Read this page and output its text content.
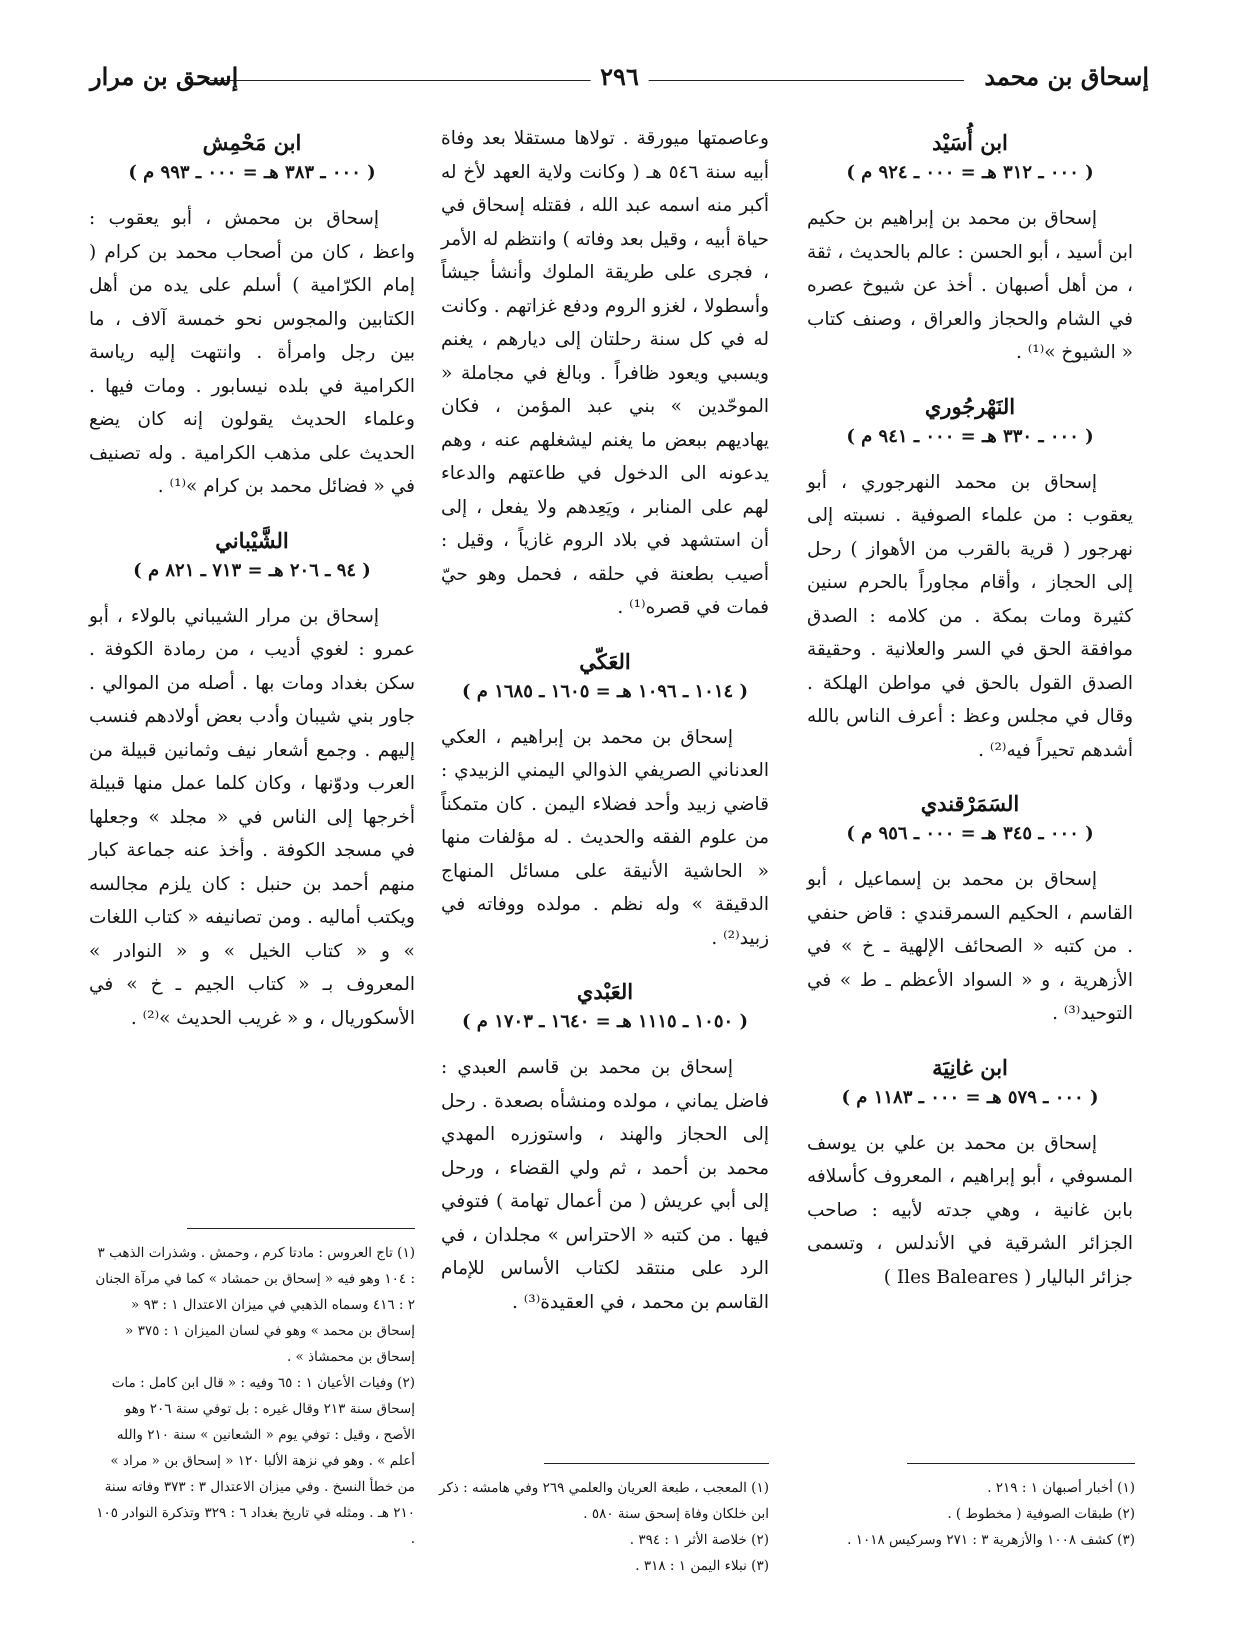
إسحاق بن محمد
٢٩٦
إسحق بن مرار
ابن أُسَيْد
( ٠٠٠ ـ ٣١٢ هـ = ٠٠٠ ـ ٩٢٤ م )
إسحاق بن محمد بن إبراهيم بن حكيم ابن أسيد ، أبو الحسن : عالم بالحديث ، ثقة ، من أهل أصبهان . أخذ عن شيوخ عصره في الشام والحجاز والعراق ، وصنف كتاب « الشيوخ »⁽¹⁾ .
النَهْرجُوري
( ٠٠٠ ـ ٣٣٠ هـ = ٠٠٠ ـ ٩٤١ م )
إسحاق بن محمد النهرجوري ، أبو يعقوب : من علماء الصوفية . نسبته إلى نهرجور ( قرية بالقرب من الأهواز ) رحل إلى الحجاز ، وأقام مجاوراً بالحرم سنين كثيرة ومات بمكة . من كلامه : الصدق موافقة الحق في السر والعلانية . وحقيقة الصدق القول بالحق في مواطن الهلكة . وقال في مجلس وعظ : أعرف الناس بالله أشدهم تحيراً فيه⁽²⁾ .
السَمَرْقندي
( ٠٠٠ ـ ٣٤٥ هـ = ٠٠٠ ـ ٩٥٦ م )
إسحاق بن محمد بن إسماعيل ، أبو القاسم ، الحكيم السمرقندي : قاض حنفي . من كتبه « الصحائف الإلهية ـ خ » في الأزهرية ، و « السواد الأعظم ـ ط » في التوحيد⁽³⁾ .
ابن غانِيَة
( ٠٠٠ ـ ٥٧٩ هـ = ٠٠٠ ـ ١١٨٣ م )
إسحاق بن محمد بن علي بن يوسف المسوفي ، أبو إبراهيم ، المعروف كأسلافه بابن غانية ، وهي جدته لأبيه : صاحب الجزائر الشرقية في الأندلس ، وتسمى جزائر الباليار ( Iles Baleares )
وعاصمتها ميورقة . تولاها مستقلا بعد وفاة أبيه سنة ٥٤٦ هـ ( وكانت ولاية العهد لأخ له أكبر منه اسمه عبد الله ، فقتله إسحاق في حياة أبيه ، وقيل بعد وفاته ) وانتظم له الأمر ، فجرى على طريقة الملوك وأنشأ جيشاً وأسطولا ، لغزو الروم ودفع غزاتهم . وكانت له في كل سنة رحلتان إلى ديارهم ، يغنم ويسبي ويعود ظافراً . وبالغ في مجاملة « الموحّدين » بني عبد المؤمن ، فكان يهاديهم ببعض ما يغنم ليشغلهم عنه ، وهم يدعونه الى الدخول في طاعتهم والدعاء لهم على المنابر ، ويَعِدهم ولا يفعل ، إلى أن استشهد في بلاد الروم غازياً ، وقيل : أصيب بطعنة في حلقه ، فحمل وهو حيّ فمات في قصره⁽¹⁾ .
العَكّي
( ١٠١٤ ـ ١٠٩٦ هـ = ١٦٠٥ ـ ١٦٨٥ م )
إسحاق بن محمد بن إبراهيم ، العكي العدناني الصريفي الذوالي اليمني الزبيدي : قاضي زبيد وأحد فضلاء اليمن . كان متمكناً من علوم الفقه والحديث . له مؤلفات منها « الحاشية الأنيقة على مسائل المنهاج الدقيقة » وله نظم . مولده ووفاته في زبيد⁽²⁾ .
العَبْدي
( ١٠٥٠ ـ ١١١٥ هـ = ١٦٤٠ ـ ١٧٠٣ م )
إسحاق بن محمد بن قاسم العبدي : فاضل يماني ، مولده ومنشأه بصعدة . رحل إلى الحجاز والهند ، واستوزره المهدي محمد بن أحمد ، ثم ولي القضاء ، ورحل إلى أبي عريش ( من أعمال تهامة ) فتوفي فيها . من كتبه « الاحتراس » مجلدان ، في الرد على منتقد لكتاب الأساس للإمام القاسم بن محمد ، في العقيدة⁽³⁾ .
ابن مَحْمِش
( ٠٠٠ ـ ٣٨٣ هـ = ٠٠٠ ـ ٩٩٣ م )
إسحاق بن محمش ، أبو يعقوب : واعظ ، كان من أصحاب محمد بن كرام ( إمام الكرّامية ) أسلم على يده من أهل الكتابين والمجوس نحو خمسة آلاف ، ما بين رجل وامرأة . وانتهت إليه رياسة الكرامية في بلده نيسابور . ومات فيها . وعلماء الحديث يقولون إنه كان يضع الحديث على مذهب الكرامية . وله تصنيف في « فضائل محمد بن كرام »⁽¹⁾ .
الشَّيْباني
( ٩٤ ـ ٢٠٦ هـ = ٧١٣ ـ ٨٢١ م )
إسحاق بن مرار الشيباني بالولاء ، أبو عمرو : لغوي أديب ، من رمادة الكوفة . سكن بغداد ومات بها . أصله من الموالي . جاور بني شيبان وأدب بعض أولادهم فنسب إليهم . وجمع أشعار نيف وثمانين قبيلة من العرب ودوّنها ، وكان كلما عمل منها قبيلة أخرجها إلى الناس في « مجلد » وجعلها في مسجد الكوفة . وأخذ عنه جماعة كبار منهم أحمد بن حنبل : كان يلزم مجالسه ويكتب أماليه . ومن تصانيفه « كتاب اللغات » و « كتاب الخيل » و « النوادر » المعروف بـ « كتاب الجيم ـ خ » في الأسكوريال ، و « غريب الحديث »⁽²⁾ .

(١) أخبار أصبهان ١ : ٢١٩ .

(٢) طبقات الصوفية ( مخطوط ) .

(٣) كشف ١٠٠٨ والأزهرية ٣ : ٢٧١ وسركيس ١٠١٨ .

(١) المعجب ، طبعة العريان والعلمي ٢٦٩ وفي هامشه : ذكر ابن خلكان وفاة إسحق سنة ٥٨٠ .

(٢) خلاصة الأثر ١ : ٣٩٤ .

(٣) نبلاء اليمن ١ : ٣١٨ .

(١) تاج العروس : مادتا كرم ، وحمش . وشذرات الذهب ٣ : ١٠٤ وهو فيه « إسحاق بن حمشاد » كما في مرآة الجنان ٢ : ٤١٦ وسماه الذهبي في ميزان الاعتدال ١ : ٩٣ « إسحاق بن محمد » وهو في لسان الميزان ١ : ٣٧٥ « إسحاق بن محمشاذ » .

(٢) وفيات الأعيان ١ : ٦٥ وفيه : « قال ابن كامل : مات إسحاق سنة ٢١٣ وقال غيره : بل توفي سنة ٢٠٦ وهو الأصح ، وقيل : توفي يوم « الشعانين » سنة ٢١٠ والله أعلم » . وهو في نزهة الألبا ١٢٠ « إسحاق بن « مراد » من خطأ النسخ . وفي ميزان الاعتدال ٣ : ٣٧٣ وفاته سنة ٢١٠ هـ . ومثله في تاريخ بغداد ٦ : ٣٢٩ وتذكرة النوادر ١٠٥ .
